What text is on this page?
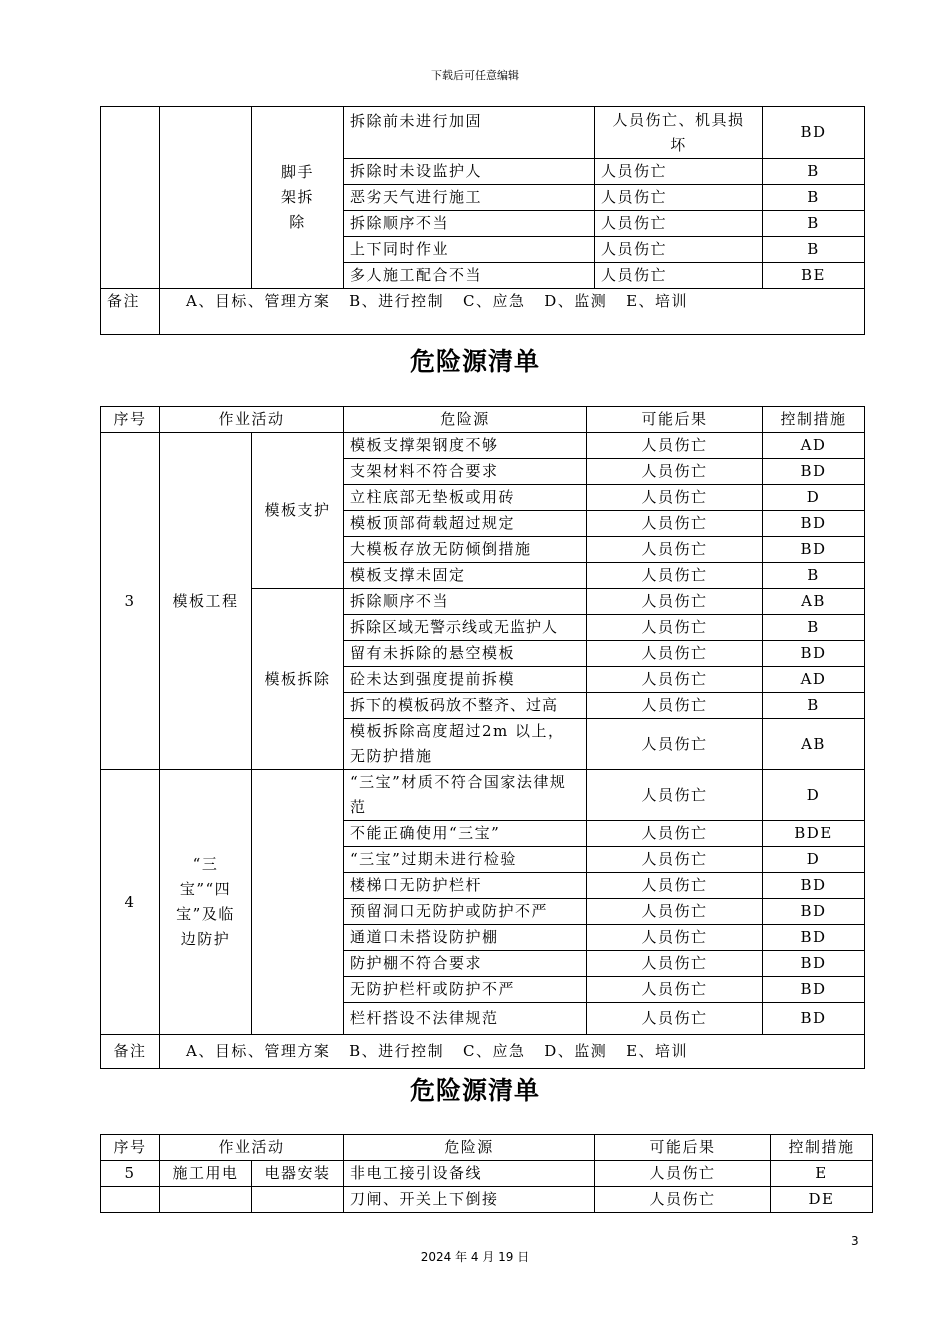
下载后可任意编辑
		脚手架拆除	拆除前未进行加固	人员伤亡、机具损坏	BD
			拆除时未设监护人	人员伤亡	B
			恶劣天气进行施工	人员伤亡	B
			拆除顺序不当	人员伤亡	B
			上下同时作业	人员伤亡	B
			多人施工配合不当	人员伤亡	BE
备注	A、目标、管理方案   B、进行控制   C、应急   D、监测   E、培训				
危险源清单
序号	作业活动		危险源	可能后果	控制措施
3	模板工程	模板支护	模板支撑架钢度不够	人员伤亡	AD
			支架材料不符合要求	人员伤亡	BD
			立柱底部无垫板或用砖	人员伤亡	D
			模板顶部荷载超过规定	人员伤亡	BD
			大模板存放无防倾倒措施	人员伤亡	BD
			模板支撑未固定	人员伤亡	B
		模板拆除	拆除顺序不当	人员伤亡	AB
			拆除区域无警示线或无监护人	人员伤亡	B
			留有未拆除的悬空模板	人员伤亡	BD
			砼未达到强度提前拆模	人员伤亡	AD
			拆下的模板码放不整齐、过高	人员伤亡	B
			模板拆除高度超过2m 以上，无防护措施	人员伤亡	AB
4	“三宝”“四宝”及临边防护		“三宝”材质不符合国家法律规范	人员伤亡	D
			不能正确使用“三宝”	人员伤亡	BDE
			“三宝”过期未进行检验	人员伤亡	D
			楼梯口无防护栏杆	人员伤亡	BD
			预留洞口无防护或防护不严	人员伤亡	BD
			通道口未搭设防护棚	人员伤亡	BD
			防护棚不符合要求	人员伤亡	BD
			无防护栏杆或防护不严	人员伤亡	BD
			栏杆搭设不法律规范	人员伤亡	BD
备注	A、目标、管理方案   B、进行控制   C、应急   D、监测   E、培训				
危险源清单
序号	作业活动		危险源	可能后果	控制措施
5	施工用电	电器安装	非电工接引设备线	人员伤亡	E
			刀闸、开关上下倒接	人员伤亡	DE
3
2024 年 4 月 19 日
